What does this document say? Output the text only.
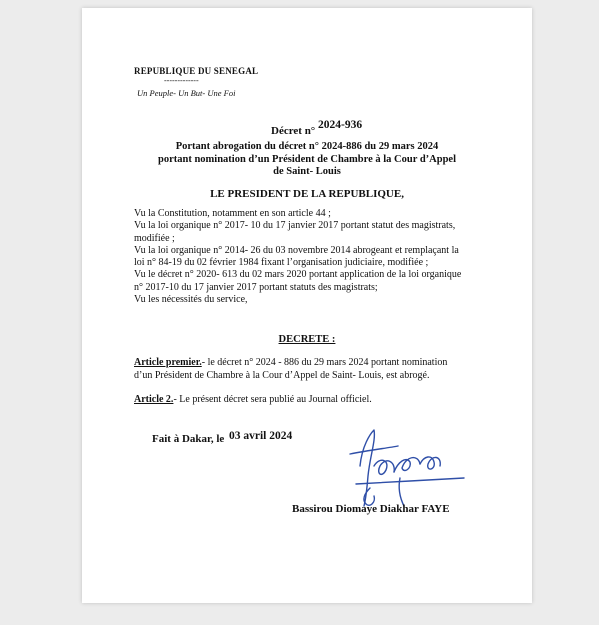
REPUBLIQUE DU SENEGAL
-------------
Un Peuple- Un But- Une Foi
Décret n° 2024-936
Portant abrogation du décret n° 2024-886 du 29 mars 2024
portant nomination d’un Président de Chambre à la Cour d’Appel
de Saint- Louis
LE PRESIDENT DE LA REPUBLIQUE,
Vu la Constitution, notamment en son article 44 ;
Vu la loi organique n° 2017- 10 du 17 janvier 2017 portant statut des magistrats,
modifiée ;
Vu la loi organique n° 2014- 26 du 03 novembre 2014 abrogeant et remplaçant la
loi n° 84-19 du 02 février 1984 fixant l’organisation judiciaire, modifiée ;
Vu le décret n° 2020- 613 du 02 mars 2020 portant application de la loi organique
n° 2017-10 du 17 janvier 2017 portant statuts des magistrats;
Vu les nécessités du service,
DECRETE :
Article premier.- le décret n° 2024 - 886 du 29 mars 2024 portant nomination
d’un Président de Chambre à la Cour d’Appel de Saint- Louis, est abrogé.
Article 2.- Le présent décret sera publié au Journal officiel.
Fait à Dakar, le 03 avril 2024
Bassirou Diomaye Diakhar FAYE
